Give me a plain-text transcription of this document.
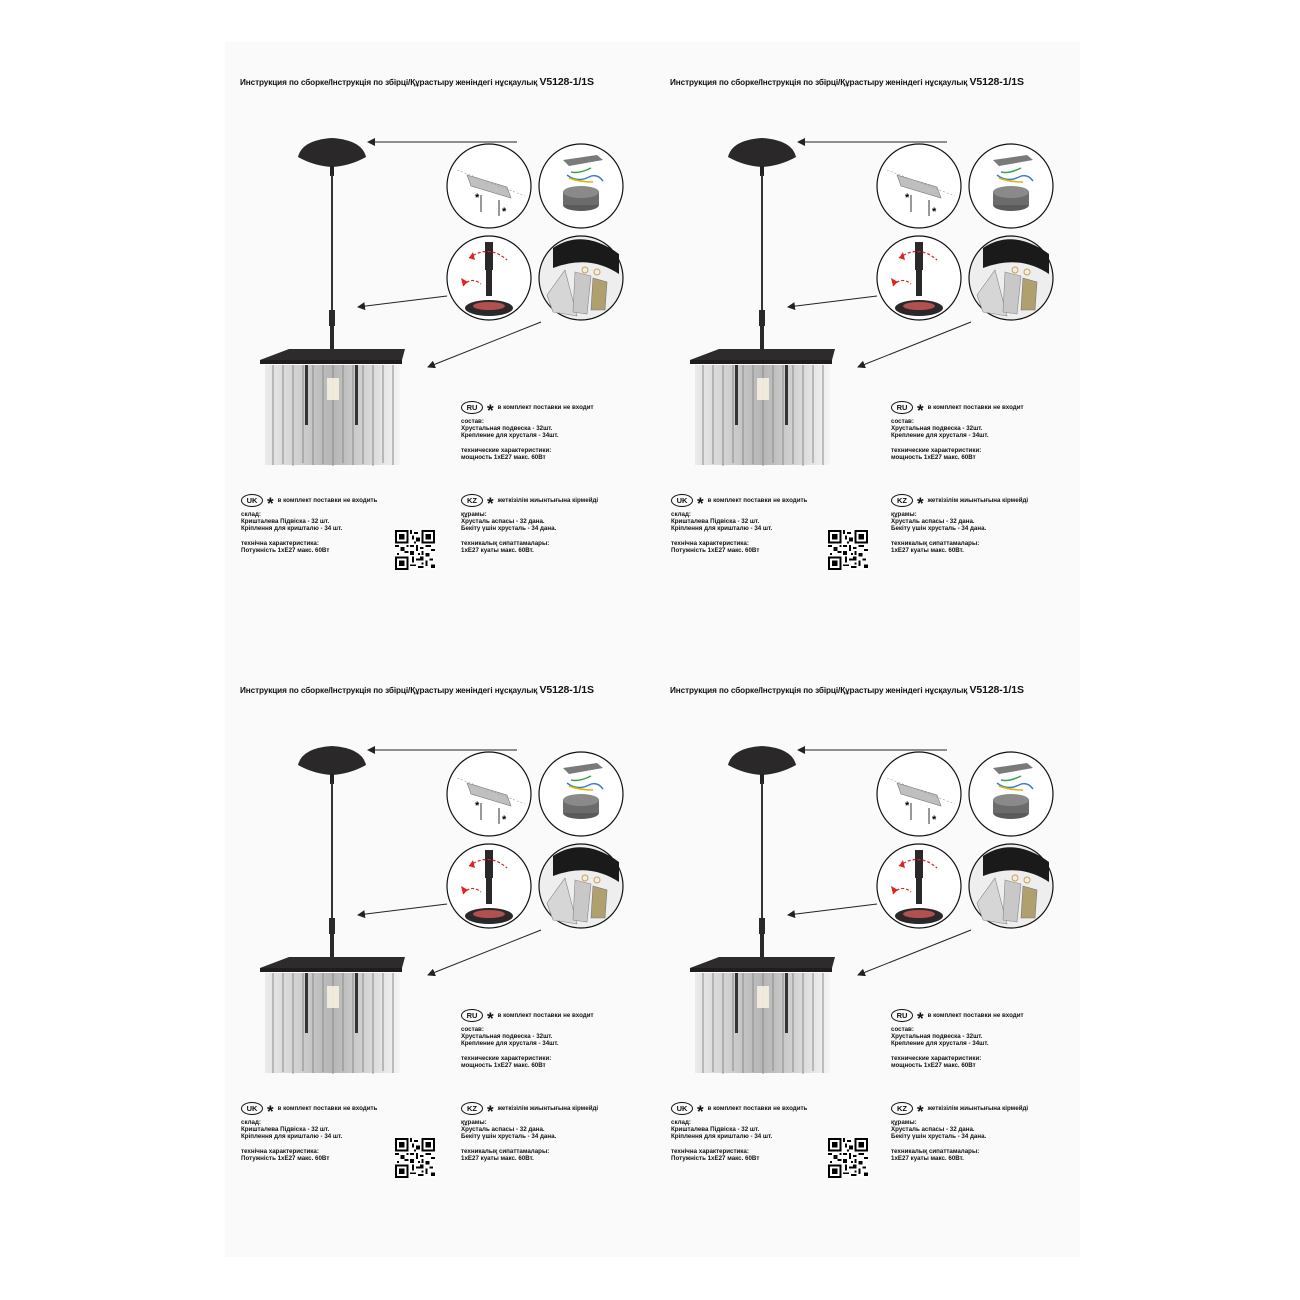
Инструкция по сборке/Інструкція по збірці/Құрастыру женіндегі нұсқаулық V5128-1/1S
*
*
RU * в комплект поставки не входит
состав:
Хрустальная подвеска - 32шт.
Крепление для хрусталя - 34шт.
технические характеристики:
мощность 1хЕ27 макс. 60Вт
UK * в комплект поставки не входить
склад:
Кришталева Підвіска - 32 шт.
Кріплення для кришталю - 34 шт.
технічна характеристика:
Потужність 1хЕ27 макс. 60Вт
KZ * жеткізілім жиынтығына кірмейді
құрамы:
Хрусталь аспасы - 32 дана.
Бекіту үшін хрусталь - 34 дана.
техникалық сипаттамалары:
1хЕ27 куаты макс. 60Вт.
Инструкция по сборке/Інструкція по збірці/Құрастыру женіндегі нұсқаулық V5128-1/1S
*
*
RU * в комплект поставки не входит
состав:
Хрустальная подвеска - 32шт.
Крепление для хрусталя - 34шт.
технические характеристики:
мощность 1хЕ27 макс. 60Вт
UK * в комплект поставки не входить
склад:
Кришталева Підвіска - 32 шт.
Кріплення для кришталю - 34 шт.
технічна характеристика:
Потужність 1хЕ27 макс. 60Вт
KZ * жеткізілім жиынтығына кірмейді
құрамы:
Хрусталь аспасы - 32 дана.
Бекіту үшін хрусталь - 34 дана.
техникалық сипаттамалары:
1хЕ27 куаты макс. 60Вт.
Инструкция по сборке/Інструкція по збірці/Құрастыру женіндегі нұсқаулық V5128-1/1S
*
*
RU * в комплект поставки не входит
состав:
Хрустальная подвеска - 32шт.
Крепление для хрусталя - 34шт.
технические характеристики:
мощность 1хЕ27 макс. 60Вт
UK * в комплект поставки не входить
склад:
Кришталева Підвіска - 32 шт.
Кріплення для кришталю - 34 шт.
технічна характеристика:
Потужність 1хЕ27 макс. 60Вт
KZ * жеткізілім жиынтығына кірмейді
құрамы:
Хрусталь аспасы - 32 дана.
Бекіту үшін хрусталь - 34 дана.
техникалық сипаттамалары:
1хЕ27 куаты макс. 60Вт.
Инструкция по сборке/Інструкція по збірці/Құрастыру женіндегі нұсқаулық V5128-1/1S
*
*
RU * в комплект поставки не входит
состав:
Хрустальная подвеска - 32шт.
Крепление для хрусталя - 34шт.
технические характеристики:
мощность 1хЕ27 макс. 60Вт
UK * в комплект поставки не входить
склад:
Кришталева Підвіска - 32 шт.
Кріплення для кришталю - 34 шт.
технічна характеристика:
Потужність 1хЕ27 макс. 60Вт
KZ * жеткізілім жиынтығына кірмейді
құрамы:
Хрусталь аспасы - 32 дана.
Бекіту үшін хрусталь - 34 дана.
техникалық сипаттамалары:
1хЕ27 куаты макс. 60Вт.
